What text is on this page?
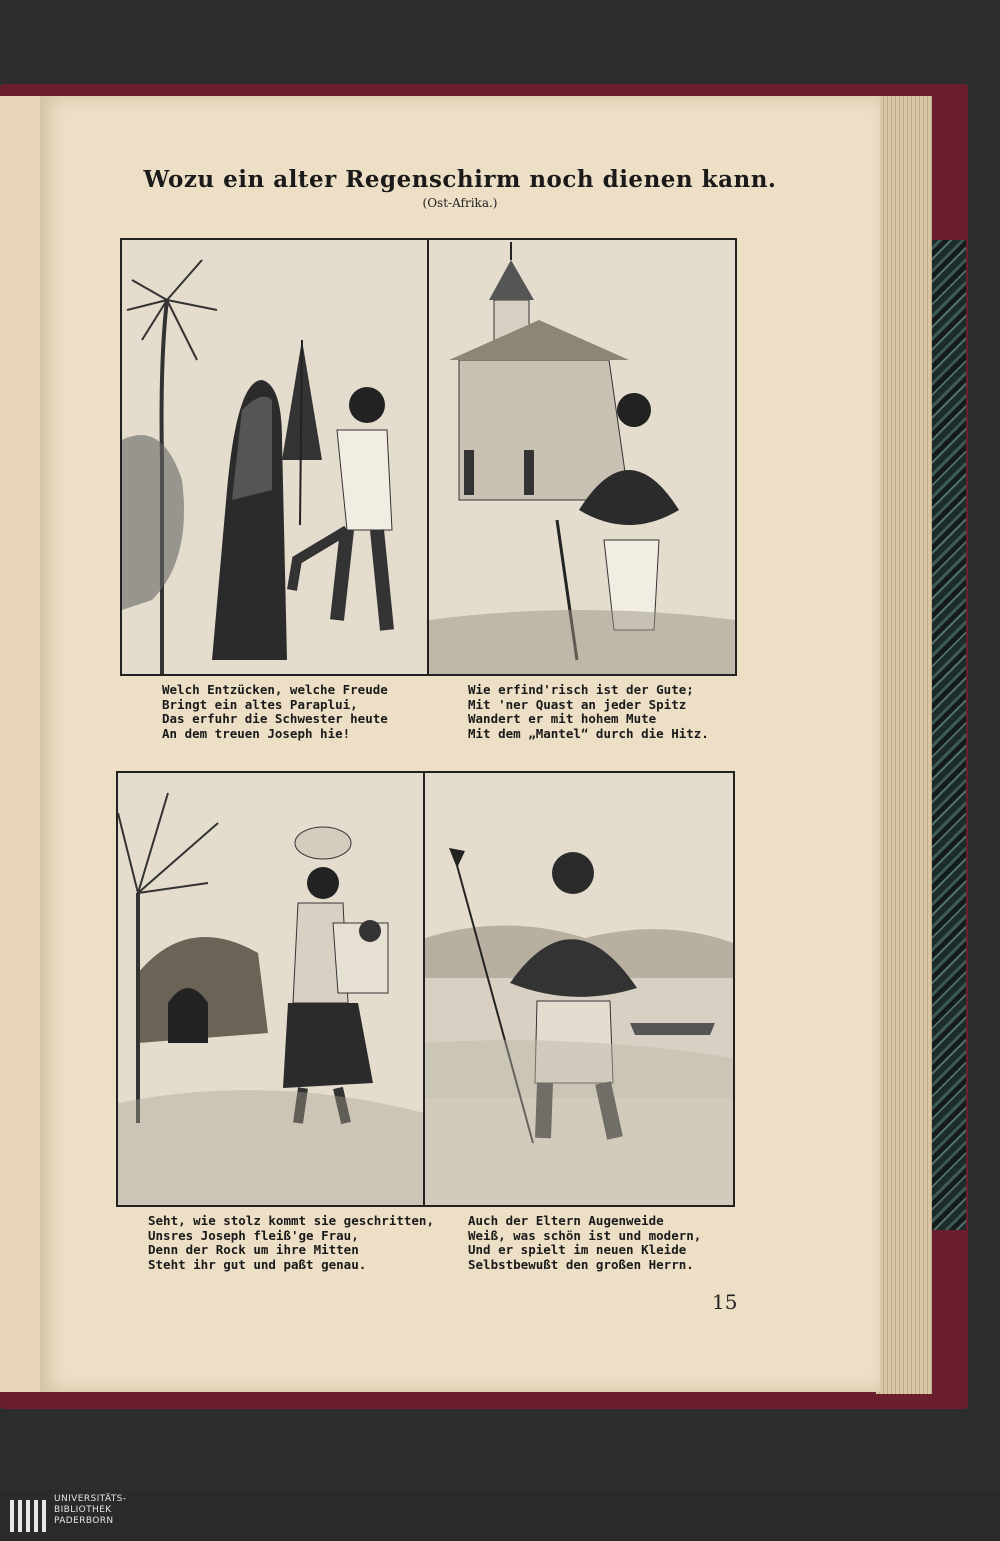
Wozu ein alter Regenschirm noch dienen kann.
(Ost-Afrika.)
Welch Entzücken, welche Freude
Bringt ein altes Paraplui,
Das erfuhr die Schwester heute
An dem treuen Joseph hie!
Wie erfind'risch ist der Gute;
Mit 'ner Quast an jeder Spitz
Wandert er mit hohem Mute
Mit dem „Mantel“ durch die Hitz.
Seht, wie stolz kommt sie geschritten,
Unsres Joseph fleiß'ge Frau,
Denn der Rock um ihre Mitten
Steht ihr gut und paßt genau.
Auch der Eltern Augenweide
Weiß, was schön ist und modern,
Und er spielt im neuen Kleide
Selbstbewußt den großen Herrn.
15
UNIVERSITÄTS-
BIBLIOTHEK
PADERBORN
